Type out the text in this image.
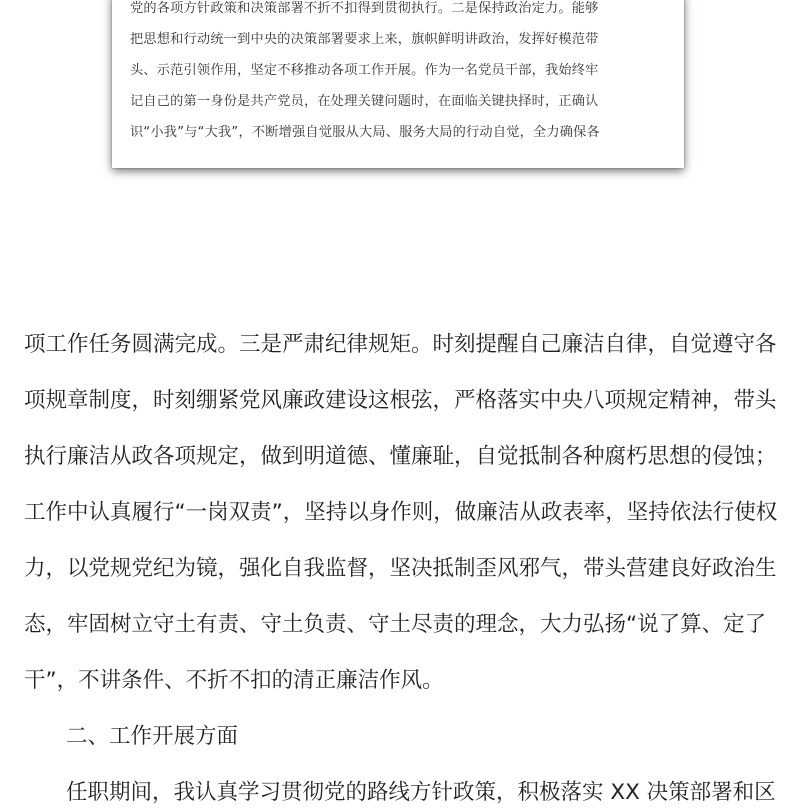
党的各项方针政策和决策部署不折不扣得到贯彻执行。二是保持政治定力。能够
把思想和行动统一到中央的决策部署要求上来，旗帜鲜明讲政治，发挥好模范带
头、示范引领作用，坚定不移推动各项工作开展。作为一名党员干部，我始终牢
记自己的第一身份是共产党员，在处理关键问题时，在面临关键抉择时，正确认
识“小我”与“大我”，不断增强自觉服从大局、服务大局的行动自觉，全力确保各
项工作任务圆满完成。三是严肃纪律规矩。时刻提醒自己廉洁自律，自觉遵守各
项规章制度，时刻绷紧党风廉政建设这根弦，严格落实中央八项规定精神，带头
执行廉洁从政各项规定，做到明道德、懂廉耻，自觉抵制各种腐朽思想的侵蚀；
工作中认真履行“一岗双责”，坚持以身作则，做廉洁从政表率，坚持依法行使权
力，以党规党纪为镜，强化自我监督，坚决抵制歪风邪气，带头营建良好政治生
态，牢固树立守土有责、守土负责、守土尽责的理念，大力弘扬“说了算、定了
干”，不讲条件、不折不扣的清正廉洁作风。
二、工作开展方面
任职期间，我认真学习贯彻党的路线方针政策，积极落实 XX 决策部署和区
